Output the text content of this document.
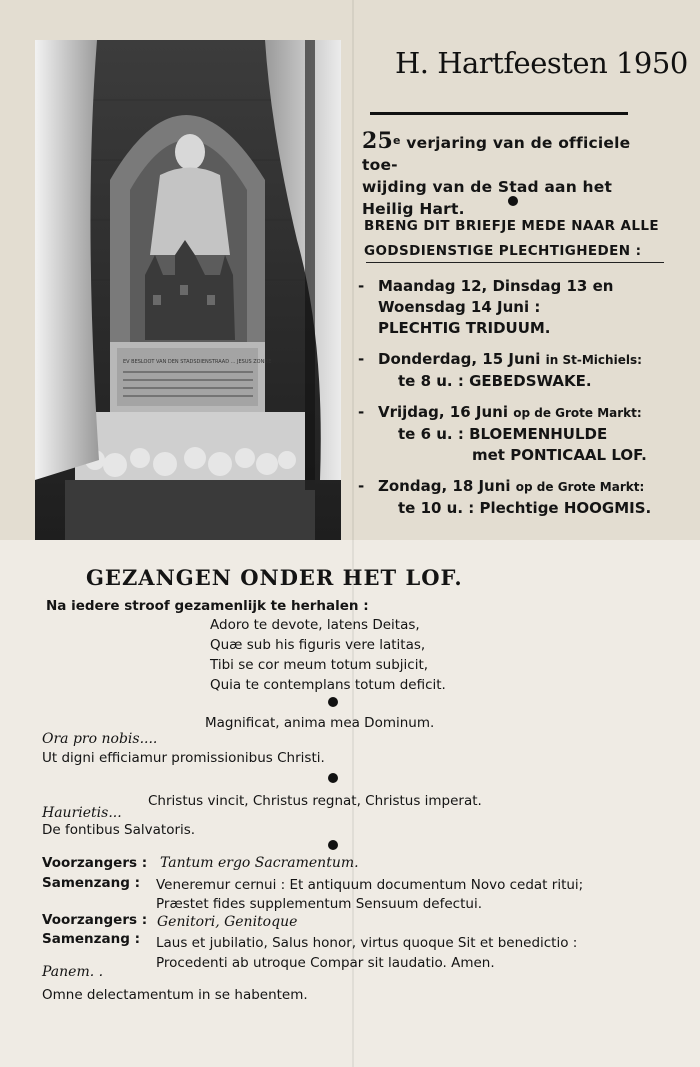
EV BESLOOT VAN DEN STADSDIENSTRAAD ... JESUS ZONDE
H. Hartfeesten 1950
25e verjaring van de officiele toe-
wijding van de Stad aan het Heilig Hart.
BRENG DIT BRIEFJE MEDE NAAR ALLE
GODSDIENSTIGE PLECHTIGHEDEN :
- Maandag 12, Dinsdag 13 en
Woensdag 14 Juni :
PLECHTIG TRIDUUM.
- Donderdag, 15 Juni in St-Michiels:
te 8 u. : GEBEDSWAKE.
- Vrijdag, 16 Juni op de Grote Markt:
te 6 u. : BLOEMENHULDE
met PONTICAAL LOF.
- Zondag, 18 Juni op de Grote Markt:
te 10 u. : Plechtige HOOGMIS.
GEZANGEN ONDER HET LOF.
Na iedere stroof gezamenlijk te herhalen :
Adoro te devote, latens Deitas,
Quæ sub his figuris vere latitas,
Tibi se cor meum totum subjicit,
Quia te contemplans totum deficit.
Magnificat, anima mea Dominum.
Ora pro nobis....
Ut digni efficiamur promissionibus Christi.
Christus vincit, Christus regnat, Christus imperat.
Haurietis...
De fontibus Salvatoris.
Voorzangers : Tantum ergo Sacramentum.
Samenzang : Veneremur cernui : Et antiquum documentum Novo cedat ritui;
Præstet fides supplementum Sensuum defectui.
Voorzangers : Genitori, Genitoque
Samenzang : Laus et jubilatio, Salus honor, virtus quoque Sit et benedictio :
Procedenti ab utroque Compar sit laudatio. Amen.
Panem. .
Omne delectamentum in se habentem.
